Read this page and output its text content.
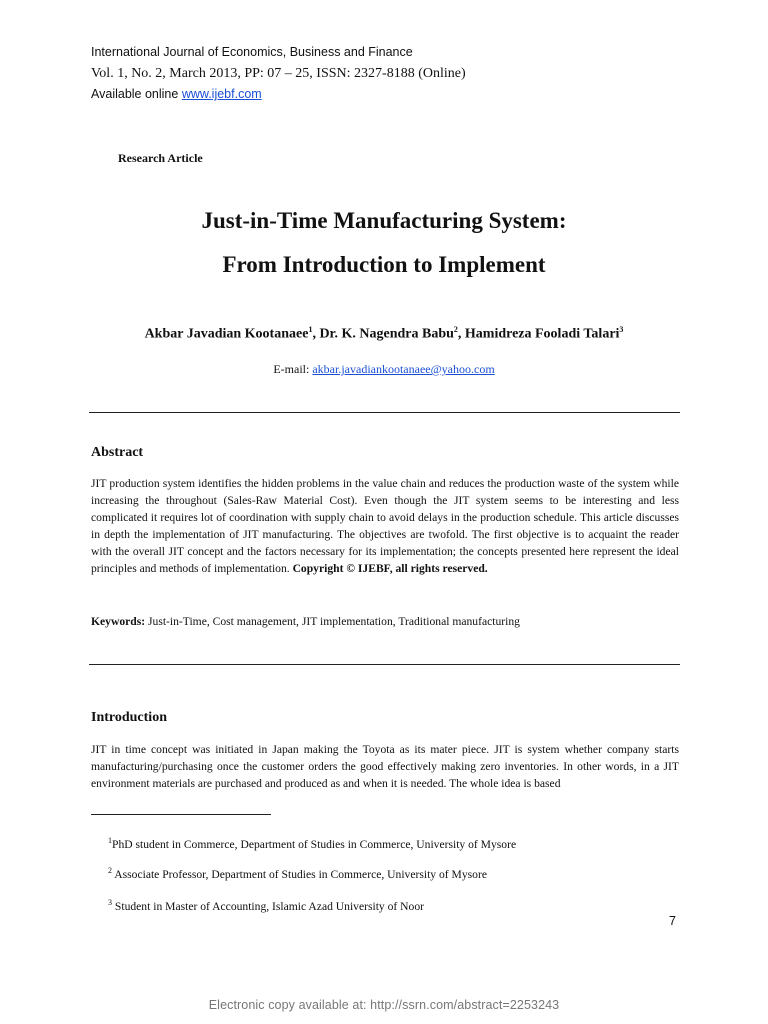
International Journal of Economics, Business and Finance
Vol. 1, No. 2, March 2013, PP: 07 – 25, ISSN: 2327-8188 (Online)
Available online www.ijebf.com
Research Article
Just-in-Time Manufacturing System:
From Introduction to Implement
Akbar Javadian Kootanaee$^1$, Dr. K. Nagendra Babu$^2$, Hamidreza Fooladi Talari$^3$
E-mail: akbar.javadiankootanaee@yahoo.com
Abstract
JIT production system identifies the hidden problems in the value chain and reduces the production waste of the system while increasing the throughout (Sales-Raw Material Cost). Even though the JIT system seems to be interesting and less complicated it requires lot of coordination with supply chain to avoid delays in the production schedule. This article discusses in depth the implementation of JIT manufacturing. The objectives are twofold. The first objective is to acquaint the reader with the overall JIT concept and the factors necessary for its implementation; the concepts presented here represent the ideal principles and methods of implementation. Copyright © IJEBF, all rights reserved.
Keywords: Just-in-Time, Cost management, JIT implementation, Traditional manufacturing
Introduction
JIT in time concept was initiated in Japan making the Toyota as its mater piece. JIT is system whether company starts manufacturing/purchasing once the customer orders the good effectively making zero inventories. In other words, in a JIT environment materials are purchased and produced as and when it is needed. The whole idea is based
$^1$PhD student in Commerce, Department of Studies in Commerce, University of Mysore
$^2$ Associate Professor, Department of Studies in Commerce, University of Mysore
$^3$ Student in Master of Accounting, Islamic Azad University of Noor
7
Electronic copy available at: http://ssrn.com/abstract=2253243
